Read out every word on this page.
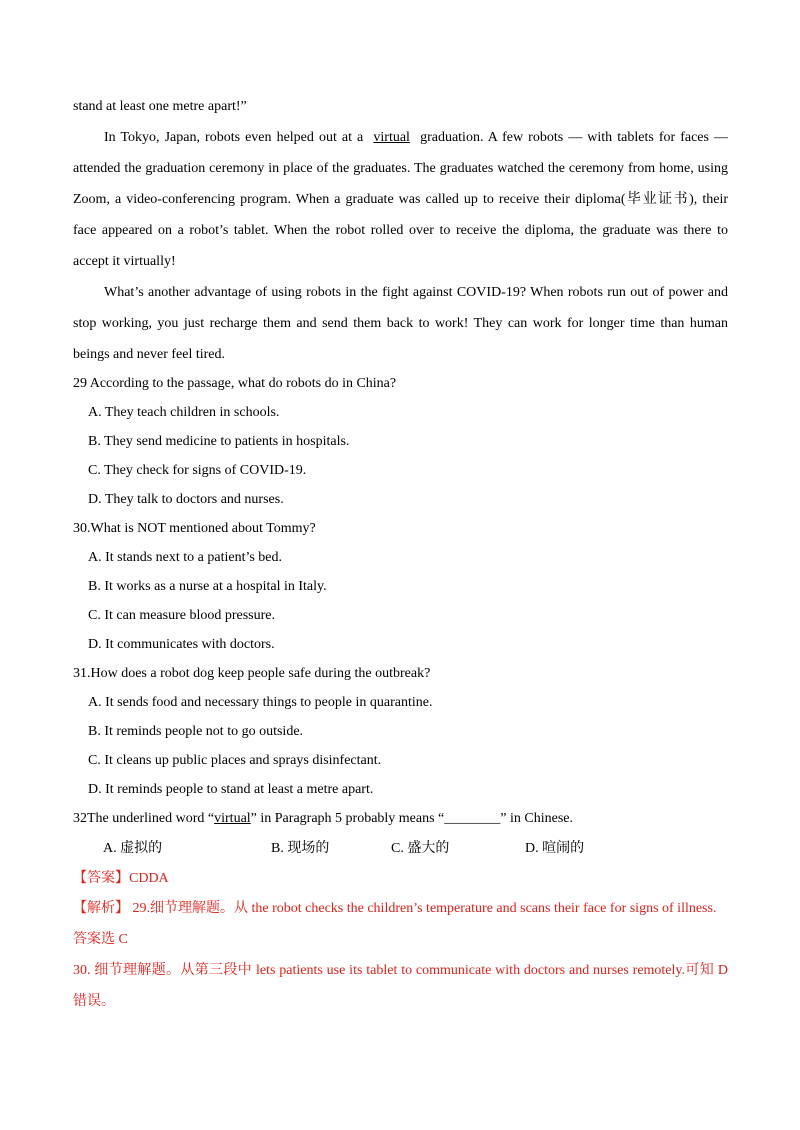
stand at least one metre apart!”
In Tokyo, Japan, robots even helped out at a virtual graduation. A few robots — with tablets for faces —
attended the graduation ceremony in place of the graduates. The graduates watched the ceremony from home, using
Zoom, a video-conferencing program. When a graduate was called up to receive their diploma(毕业证书), their
face appeared on a robot’s tablet. When the robot rolled over to receive the diploma, the graduate was there to
accept it virtually!
What’s another advantage of using robots in the fight against COVID-19? When robots run out of power and
stop working, you just recharge them and send them back to work! They can work for longer time than human
beings and never feel tired.
29 According to the passage, what do robots do in China?
A. They teach children in schools.
B. They send medicine to patients in hospitals.
C. They check for signs of COVID-19.
D. They talk to doctors and nurses.
30.What is NOT mentioned about Tommy?
A. It stands next to a patient’s bed.
B. It works as a nurse at a hospital in Italy.
C. It can measure blood pressure.
D. It communicates with doctors.
31.How does a robot dog keep people safe during the outbreak?
A. It sends food and necessary things to people in quarantine.
B. It reminds people not to go outside.
C. It cleans up public places and sprays disinfectant.
D. It reminds people to stand at least a metre apart.
32The underlined word “virtual” in Paragraph 5 probably means “________” in Chinese.
A. 虚拟的	B. 现场的	C. 盛大的	D. 喧闹的
【答案】CDDA
【解析】 29.细节理解题。从 the robot checks the children’s temperature and scans their face for signs of illness.
答案选 C
30. 细节理解题。从第三段中 lets patients use its tablet to communicate with doctors and nurses remotely.可知 D
错误。
